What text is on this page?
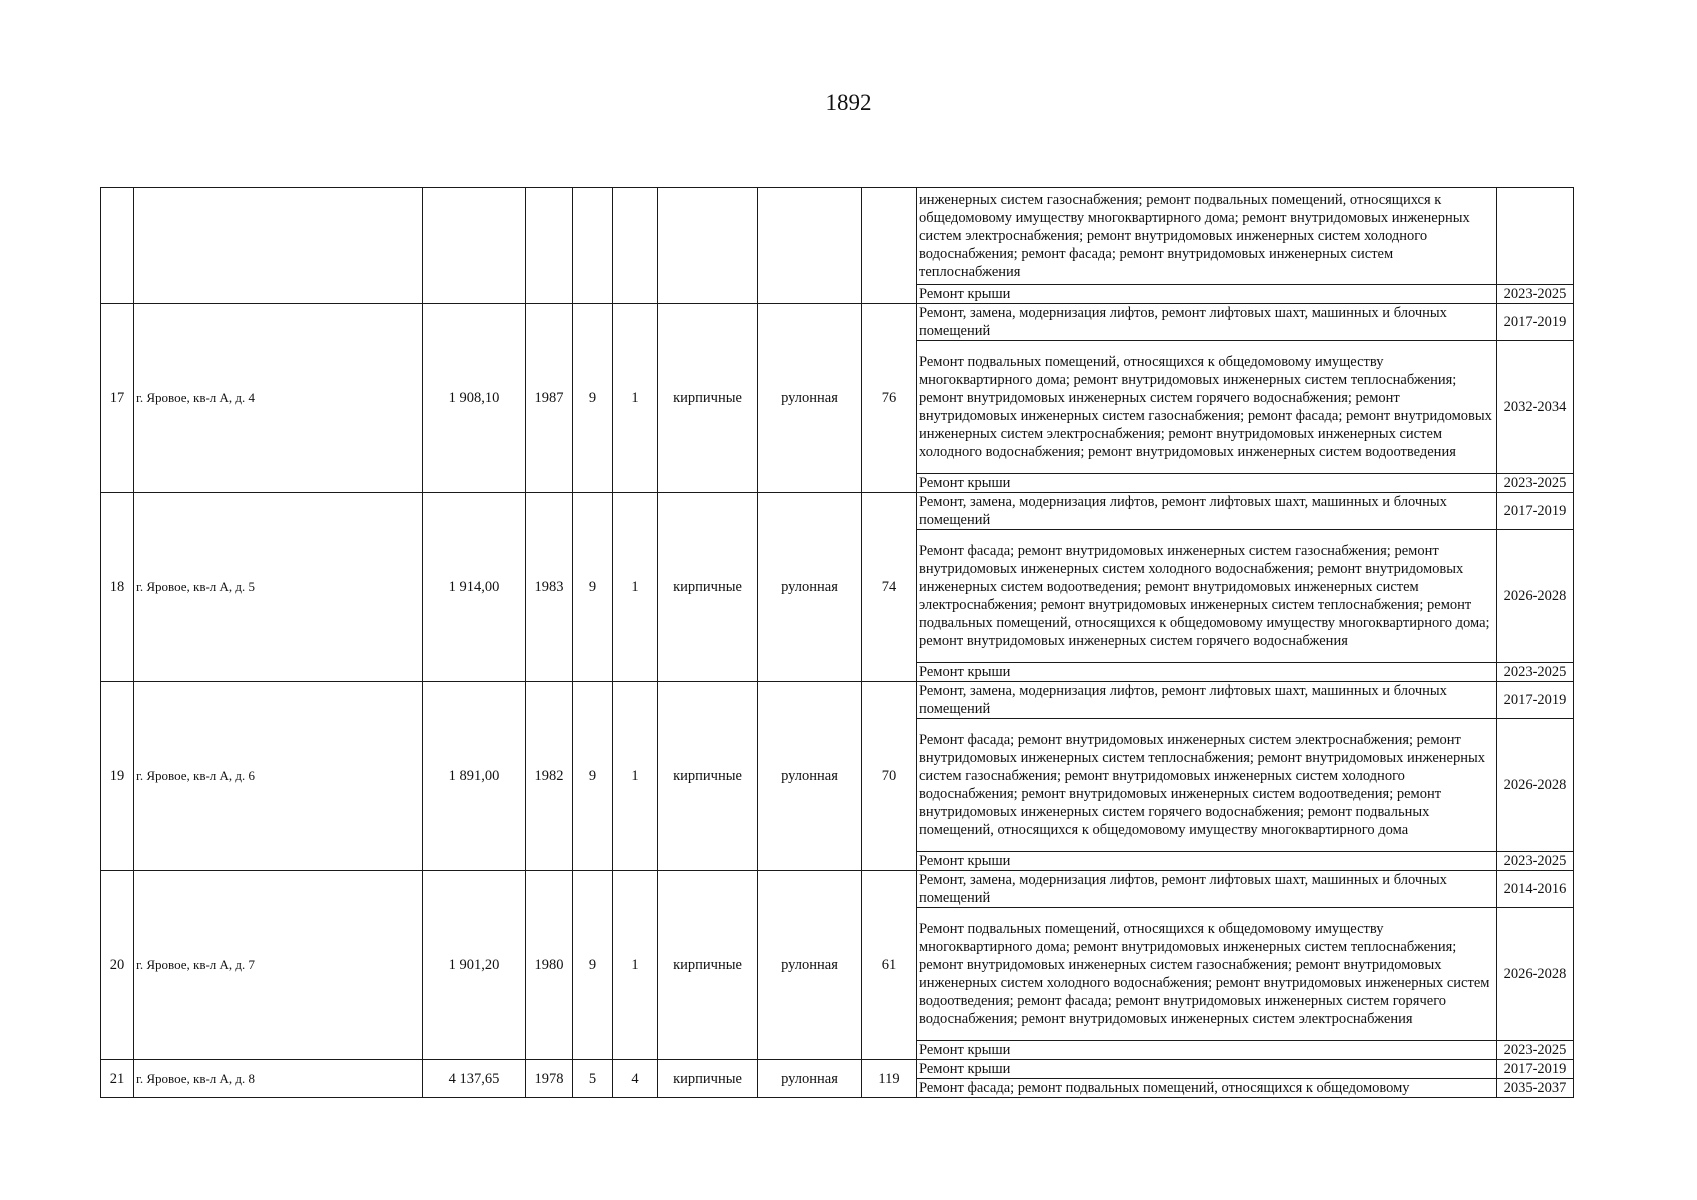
1892
									инженерных систем газоснабжения; ремонт подвальных помещений, относящихся к общедомовому имуществу многоквартирного дома; ремонт внутридомовых инженерных систем электроснабжения; ремонт внутридомовых инженерных систем холодного водоснабжения; ремонт фасада; ремонт внутридомовых инженерных систем теплоснабжения	
									Ремонт крыши	2023-2025
17	г. Яровое, кв-л А, д. 4	1 908,10	1987	9	1	кирпичные	рулонная	76	Ремонт, замена, модернизация лифтов, ремонт лифтовых шахт, машинных и блочных помещений	2017-2019
									Ремонт подвальных помещений, относящихся к общедомовому имуществу многоквартирного дома; ремонт внутридомовых инженерных систем теплоснабжения; ремонт внутридомовых инженерных систем горячего водоснабжения; ремонт внутридомовых инженерных систем газоснабжения; ремонт фасада; ремонт внутридомовых инженерных систем электроснабжения; ремонт внутридомовых инженерных систем холодного водоснабжения; ремонт внутридомовых инженерных систем водоотведения	2032-2034
									Ремонт крыши	2023-2025
18	г. Яровое, кв-л А, д. 5	1 914,00	1983	9	1	кирпичные	рулонная	74	Ремонт, замена, модернизация лифтов, ремонт лифтовых шахт, машинных и блочных помещений	2017-2019
									Ремонт фасада; ремонт внутридомовых инженерных систем газоснабжения; ремонт внутридомовых инженерных систем холодного водоснабжения; ремонт внутридомовых инженерных систем водоотведения; ремонт внутридомовых инженерных систем электроснабжения; ремонт внутридомовых инженерных систем теплоснабжения; ремонт подвальных помещений, относящихся к общедомовому имуществу многоквартирного дома; ремонт внутридомовых инженерных систем горячего водоснабжения	2026-2028
									Ремонт крыши	2023-2025
19	г. Яровое, кв-л А, д. 6	1 891,00	1982	9	1	кирпичные	рулонная	70	Ремонт, замена, модернизация лифтов, ремонт лифтовых шахт, машинных и блочных помещений	2017-2019
									Ремонт фасада; ремонт внутридомовых инженерных систем электроснабжения; ремонт внутридомовых инженерных систем теплоснабжения; ремонт внутридомовых инженерных систем газоснабжения; ремонт внутридомовых инженерных систем холодного водоснабжения; ремонт внутридомовых инженерных систем водоотведения; ремонт внутридомовых инженерных систем горячего водоснабжения; ремонт подвальных помещений, относящихся к общедомовому имуществу многоквартирного дома	2026-2028
									Ремонт крыши	2023-2025
20	г. Яровое, кв-л А, д. 7	1 901,20	1980	9	1	кирпичные	рулонная	61	Ремонт, замена, модернизация лифтов, ремонт лифтовых шахт, машинных и блочных помещений	2014-2016
									Ремонт подвальных помещений, относящихся к общедомовому имуществу многоквартирного дома; ремонт внутридомовых инженерных систем теплоснабжения; ремонт внутридомовых инженерных систем газоснабжения; ремонт внутридомовых инженерных систем холодного водоснабжения; ремонт внутридомовых инженерных систем водоотведения; ремонт фасада; ремонт внутридомовых инженерных систем горячего водоснабжения; ремонт внутридомовых инженерных систем электроснабжения	2026-2028
									Ремонт крыши	2023-2025
21	г. Яровое, кв-л А, д. 8	4 137,65	1978	5	4	кирпичные	рулонная	119	Ремонт крыши	2017-2019
									Ремонт фасада; ремонт подвальных помещений, относящихся к общедомовому	2035-2037
